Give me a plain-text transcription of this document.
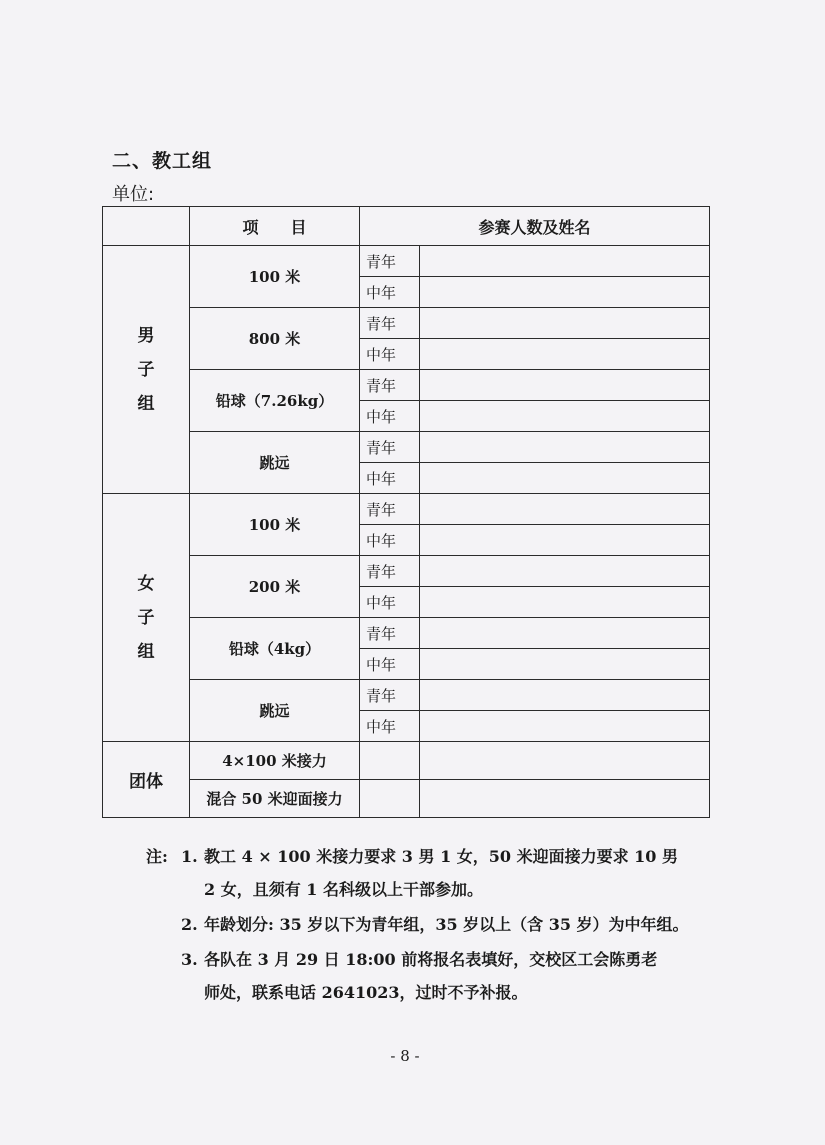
二、教工组
单位:
	项　　目	参赛人数及姓名	

男
子
组	100 米	青年	
		中年	
	800 米	青年	
		中年	
	铅球（7.26kg）	青年	
		中年	
	跳远	青年	
		中年	

女
子
组	100 米	青年	
		中年	
	200 米	青年	
		中年	
	铅球（4kg）	青年	
		中年	
	跳远	青年	
		中年	
团体	4×100 米接力		
	混合 50 米迎面接力		
注: 1. 教工 4 × 100 米接力要求 3 男 1 女，50 米迎面接力要求 10 男
2 女，且须有 1 名科级以上干部参加。
2. 年龄划分: 35 岁以下为青年组，35 岁以上（含 35 岁）为中年组。
3. 各队在 3 月 29 日 18:00 前将报名表填好，交校区工会陈勇老
师处，联系电话 2641023，过时不予补报。
- 8 -
